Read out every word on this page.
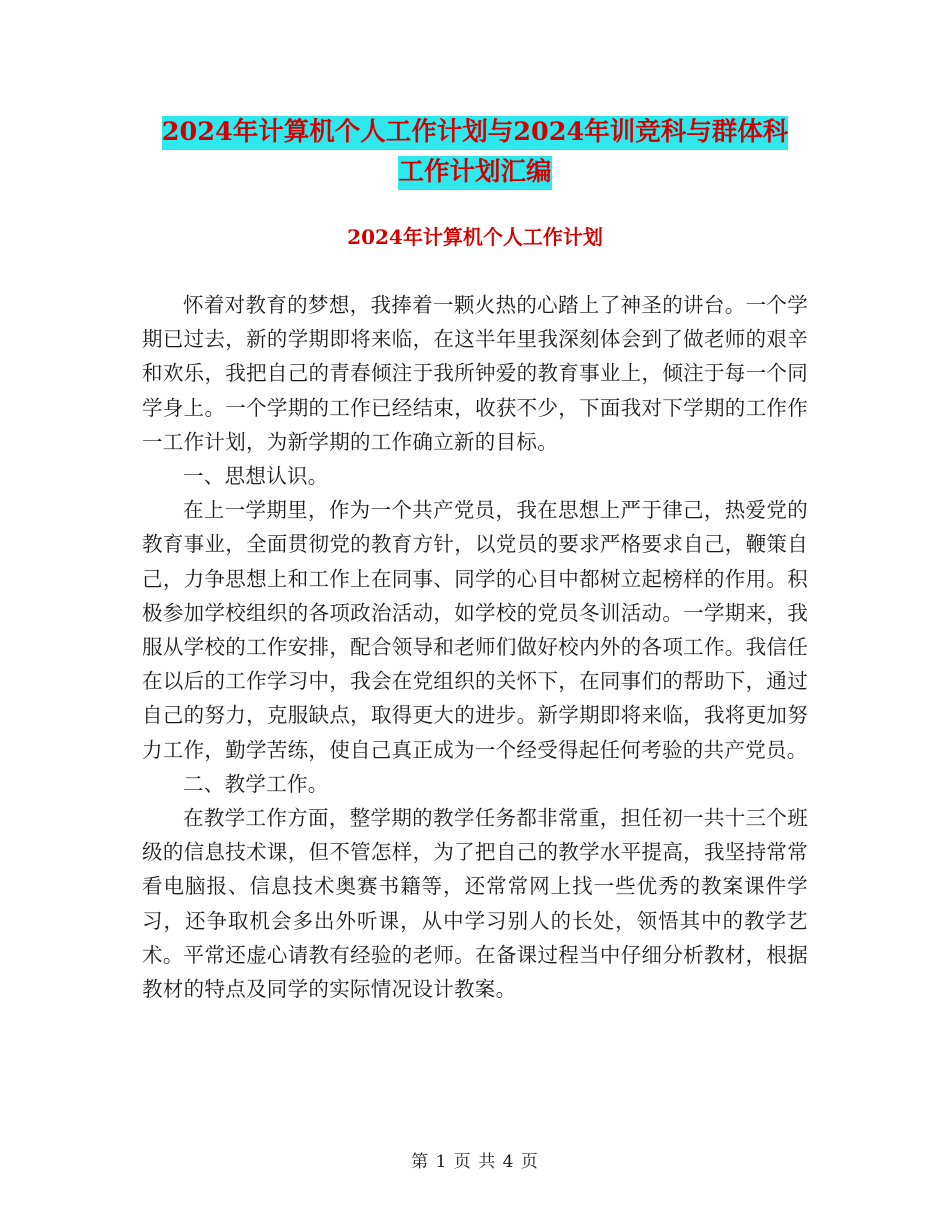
2024年计算机个人工作计划与2024年训竞科与群体科
工作计划汇编
2024年计算机个人工作计划

怀着对教育的梦想，我捧着一颗火热的心踏上了神圣的讲台。一个学期已过去，新的学期即将来临，在这半年里我深刻体会到了做老师的艰辛和欢乐，我把自己的青春倾注于我所钟爱的教育事业上，倾注于每一个同学身上。一个学期的工作已经结束，收获不少，下面我对下学期的工作作一工作计划，为新学期的工作确立新的目标。

一、思想认识。

在上一学期里，作为一个共产党员，我在思想上严于律己，热爱党的教育事业，全面贯彻党的教育方针，以党员的要求严格要求自己，鞭策自己，力争思想上和工作上在同事、同学的心目中都树立起榜样的作用。积极参加学校组织的各项政治活动，如学校的党员冬训活动。一学期来，我服从学校的工作安排，配合领导和老师们做好校内外的各项工作。我信任在以后的工作学习中，我会在党组织的关怀下，在同事们的帮助下，通过自己的努力，克服缺点，取得更大的进步。新学期即将来临，我将更加努力工作，勤学苦练，使自己真正成为一个经受得起任何考验的共产党员。

二、教学工作。

在教学工作方面，整学期的教学任务都非常重，担任初一共十三个班级的信息技术课，但不管怎样，为了把自己的教学水平提高，我坚持常常看电脑报、信息技术奥赛书籍等，还常常网上找一些优秀的教案课件学习，还争取机会多出外听课，从中学习别人的长处，领悟其中的教学艺术。平常还虚心请教有经验的老师。在备课过程当中仔细分析教材，根据教材的特点及同学的实际情况设计教案。

第 1 页 共 4 页
